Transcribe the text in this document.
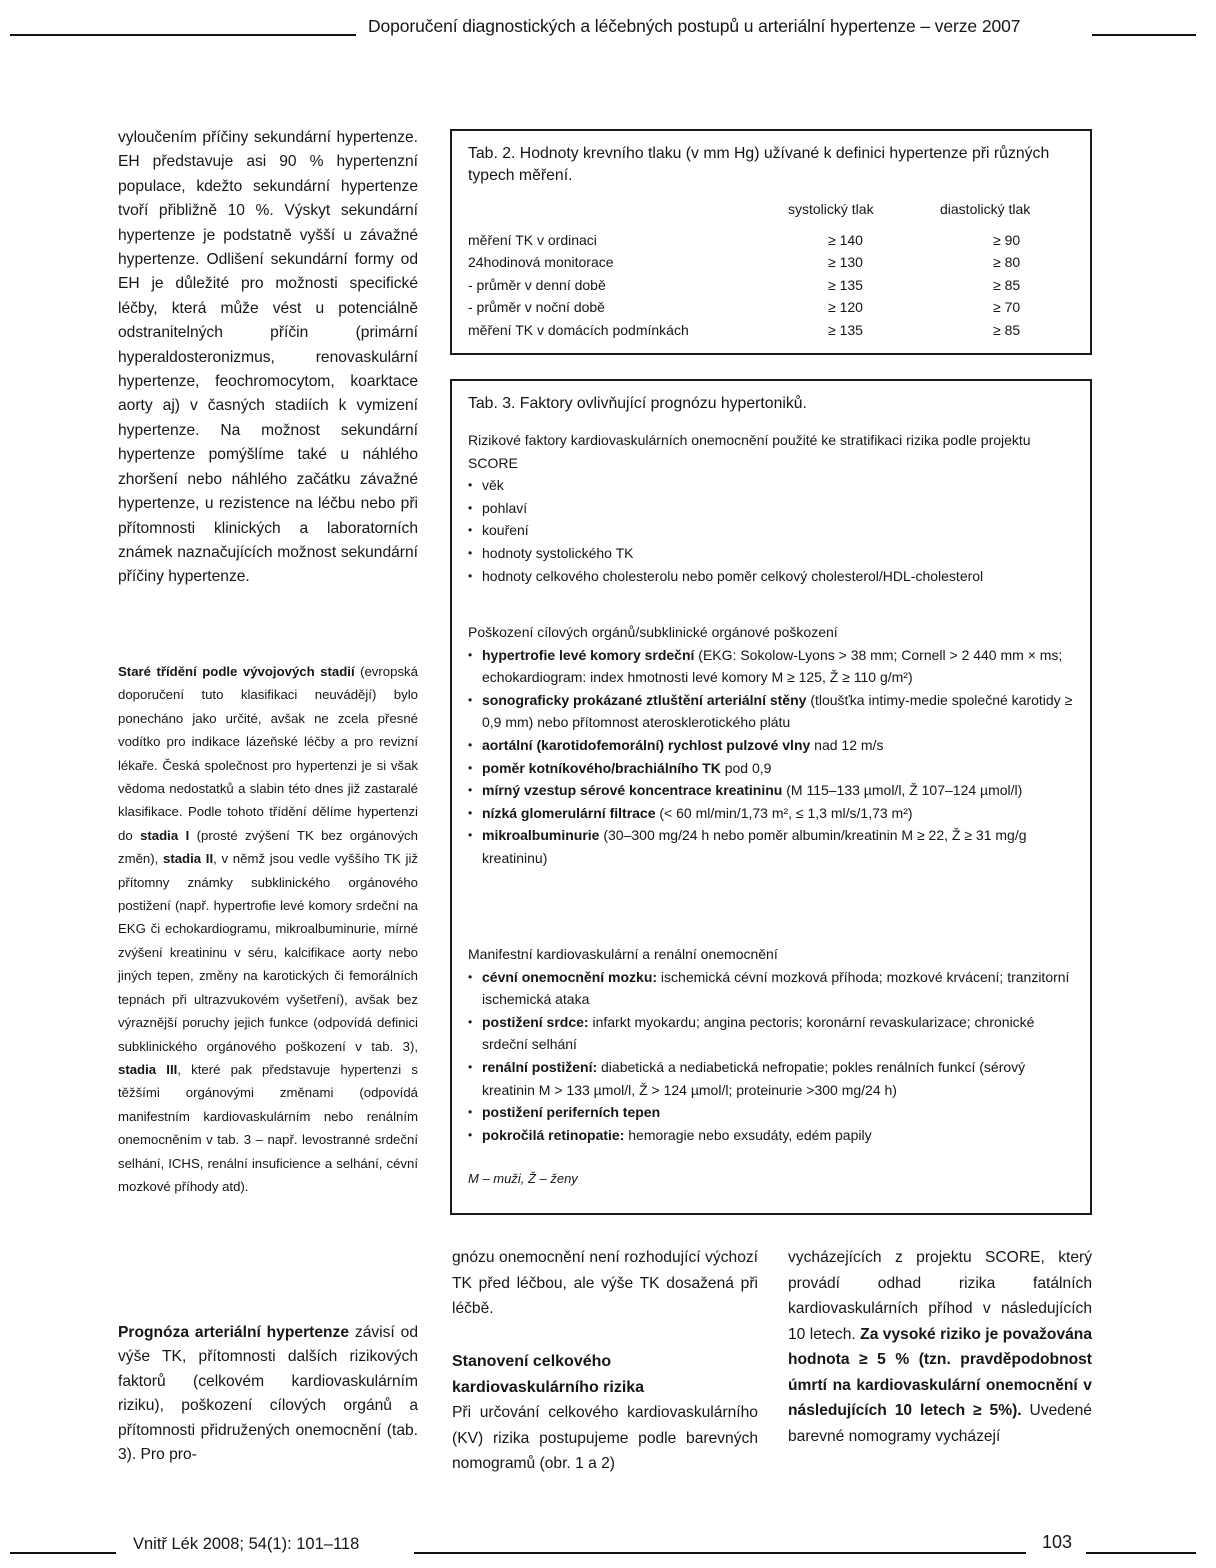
Doporučení diagnostických a léčebných postupů u arteriální hypertenze – verze 2007

vyloučením příčiny sekundární hypertenze. EH představuje asi 90 % hypertenzní populace, kdežto sekundární hypertenze tvoří přibližně 10 %. Výskyt sekundární hypertenze je podstatně vyšší u závažné hypertenze. Odlišení sekundární formy od EH je důležité pro možnosti specifické léčby, která může vést u potenciálně odstranitelných příčin (primární hyperaldosteronizmus, renovaskulární hypertenze, feochromocytom, koarktace aorty aj) v časných stadiích k vymizení hypertenze. Na možnost sekundární hypertenze pomýšlíme také u náhlého zhoršení nebo náhlého začátku závažné hypertenze, u rezistence na léčbu nebo při přítomnosti klinických a laboratorních známek naznačujících možnost sekundární příčiny hypertenze.

Staré třídění podle vývojových stadií (evropská doporučení tuto klasifikaci neuvádějí) bylo ponecháno jako určité, avšak ne zcela přesné vodítko pro indikace lázeňské léčby a pro revizní lékaře. Česká společnost pro hypertenzi je si však vědoma nedostatků a slabin této dnes již zastaralé klasifikace. Podle tohoto třídění dělíme hypertenzi do stadia I (prosté zvýšení TK bez orgánových změn), stadia II, v němž jsou vedle vyššího TK již přítomny známky subklinického orgánového postižení (např. hypertrofie levé komory srdeční na EKG či echokardiogramu, mikroalbuminurie, mírné zvýšení kreatininu v séru, kalcifikace aorty nebo jiných tepen, změny na karotických či femorálních tepnách při ultrazvukovém vyšetření), avšak bez výraznější poruchy jejich funkce (odpovídá definici subklinického orgánového poškození v tab. 3), stadia III, které pak představuje hypertenzi s těžšími orgánovými změnami (odpovídá manifestním kardiovaskulárním nebo renálním onemocněním v tab. 3 – např. levostranné srdeční selhání, ICHS, renální insuficience a selhání, cévní mozkové příhody atd).

Prognóza arteriální hypertenze závisí od výše TK, přítomnosti dalších rizikových faktorů (celkovém kardiovaskulárním riziku), poškození cílových orgánů a přítomnosti přidružených onemocnění (tab. 3). Pro pro-

Tab. 2. Hodnoty krevního tlaku (v mm Hg) užívané k definici hypertenze při různých typech měření.
systolický tlak	diastolický tlak
měření TK v ordinaci	≥ 140	≥ 90
24hodinová monitorace	≥ 130	≥ 80
- průměr v denní době	≥ 135	≥ 85
- průměr v noční době	≥ 120	≥ 70
měření TK v domácích podmínkách	≥ 135	≥ 85
Tab. 3. Faktory ovlivňující prognózu hypertoniků.

Rizikové faktory kardiovaskulárních onemocnění použité ke stratifikaci rizika podle projektu SCORE

• věk
• pohlaví
• kouření
• hodnoty systolického TK
• hodnoty celkového cholesterolu nebo poměr celkový cholesterol/HDL-cholesterol

Poškození cílových orgánů/subklinické orgánové poškození

• hypertrofie levé komory srdeční (EKG: Sokolow-Lyons > 38 mm; Cornell > 2 440 mm × ms; echokardiogram: index hmotnosti levé komory M ≥ 125, Ž ≥ 110 g/m²)
• sonograficky prokázané ztluštění arteriální stěny (tloušťka intimy-medie společné karotidy ≥ 0,9 mm) nebo přítomnost aterosklerotického plátu
• aortální (karotidofemorální) rychlost pulzové vlny nad 12 m/s
• poměr kotníkového/brachiálního TK pod 0,9
• mírný vzestup sérové koncentrace kreatininu (M 115–133 µmol/l, Ž 107–124 µmol/l)
• nízká glomerulární filtrace (< 60 ml/min/1,73 m², ≤ 1,3 ml/s/1,73 m²)
• mikroalbuminurie (30–300 mg/24 h nebo poměr albumin/kreatinin M ≥ 22, Ž ≥ 31 mg/g kreatininu)

Manifestní kardiovaskulární a renální onemocnění

• cévní onemocnění mozku: ischemická cévní mozková příhoda; mozkové krvácení; tranzitorní ischemická ataka
• postižení srdce: infarkt myokardu; angina pectoris; koronární revaskularizace; chronické srdeční selhání
• renální postižení: diabetická a nediabetická nefropatie; pokles renálních funkcí (sérový kreatinin M > 133 µmol/l, Ž > 124 µmol/l; proteinurie >300 mg/24 h)
• postižení periferních tepen
• pokročilá retinopatie: hemoragie nebo exsudáty, edém papily
M – muži, Ž – ženy

gnózu onemocnění není rozhodující výchozí TK před léčbou, ale výše TK dosažená při léčbě.

Stanovení celkového kardiovaskulárního rizika

Při určování celkového kardiovaskulárního (KV) rizika postupujeme podle barevných nomogramů (obr. 1 a 2)

vycházejících z projektu SCORE, který provádí odhad rizika fatálních kardiovaskulárních příhod v následujících 10 letech. Za vysoké riziko je považována hodnota ≥ 5 % (tzn. pravděpodobnost úmrtí na kardiovaskulární onemocnění v následujících 10 letech ≥ 5%). Uvedené barevné nomogramy vycházejí

Vnitř Lék 2008; 54(1): 101–118	103
